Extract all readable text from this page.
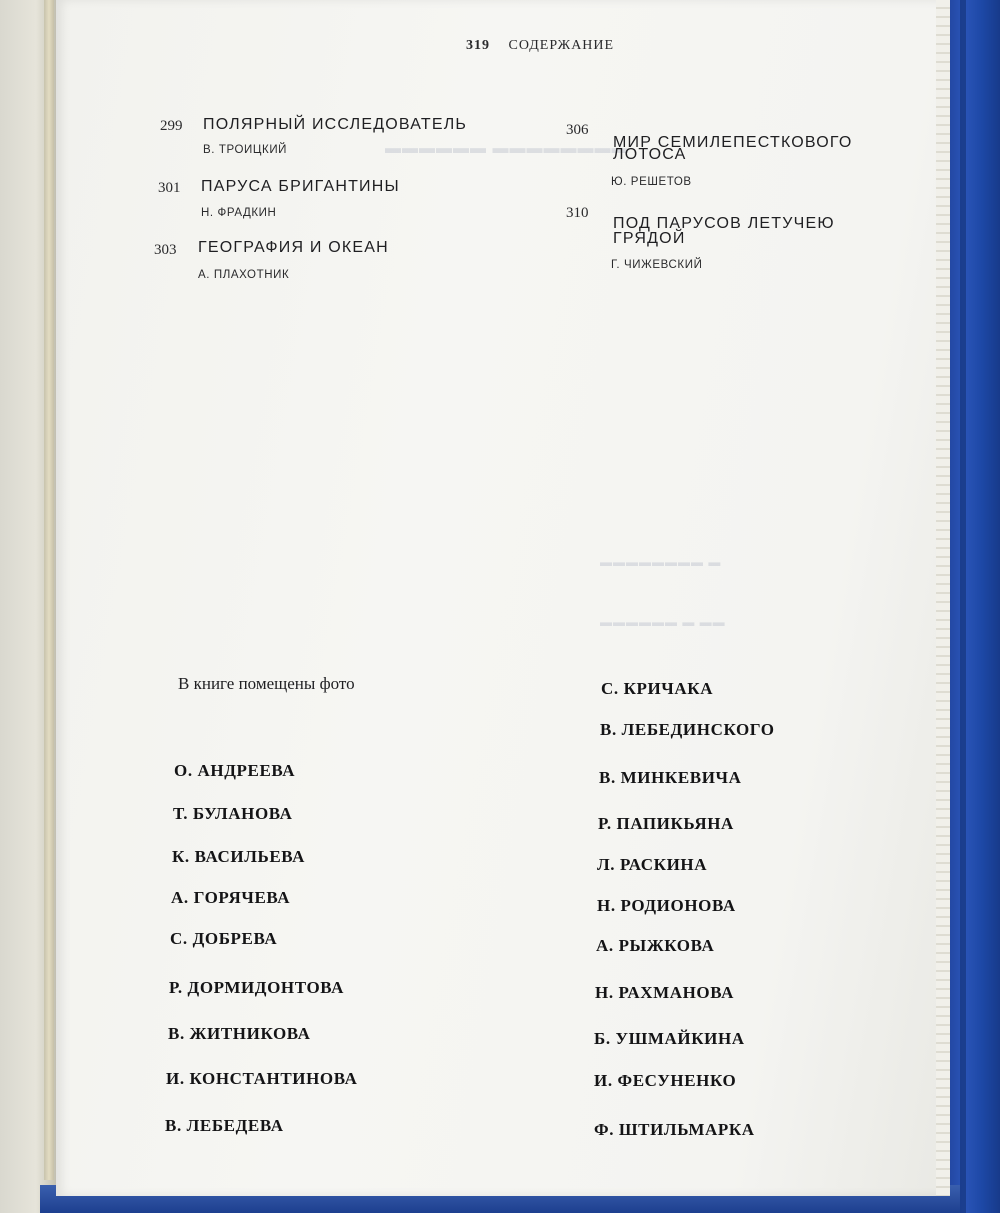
▬▬▬▬▬▬ ▬▬▬▬▬▬▬▬
▬▬▬▬▬▬▬▬ ▬
▬▬▬▬▬▬ ▬ ▬▬
319 СОДЕРЖАНИЕ
299 ПОЛЯРНЫЙ ИССЛЕДОВАТЕЛЬ
В. ТРОИЦКИЙ
301 ПАРУСА БРИГАНТИНЫ
Н. ФРАДКИН
303 ГЕОГРАФИЯ И ОКЕАН
А. ПЛАХОТНИК
306
МИР СЕМИЛЕПЕСТКОВОГО
ЛОТОСА
Ю. РЕШЕТОВ
310
ПОД ПАРУСОВ ЛЕТУЧЕЮ
ГРЯДОЙ
Г. ЧИЖЕВСКИЙ
В книге помещены фото
О. АНДРЕЕВА
Т. БУЛАНОВА
К. ВАСИЛЬЕВА
А. ГОРЯЧЕВА
С. ДОБРЕВА
Р. ДОРМИДОНТОВА
В. ЖИТНИКОВА
И. КОНСТАНТИНОВА
В. ЛЕБЕДЕВА
С. КРИЧАКА
В. ЛЕБЕДИНСКОГО
В. МИНКЕВИЧА
Р. ПАПИКЬЯНА
Л. РАСКИНА
Н. РОДИОНОВА
А. РЫЖКОВА
Н. РАХМАНОВА
Б. УШМАЙКИНА
И. ФЕСУНЕНКО
Ф. ШТИЛЬМАРКА
